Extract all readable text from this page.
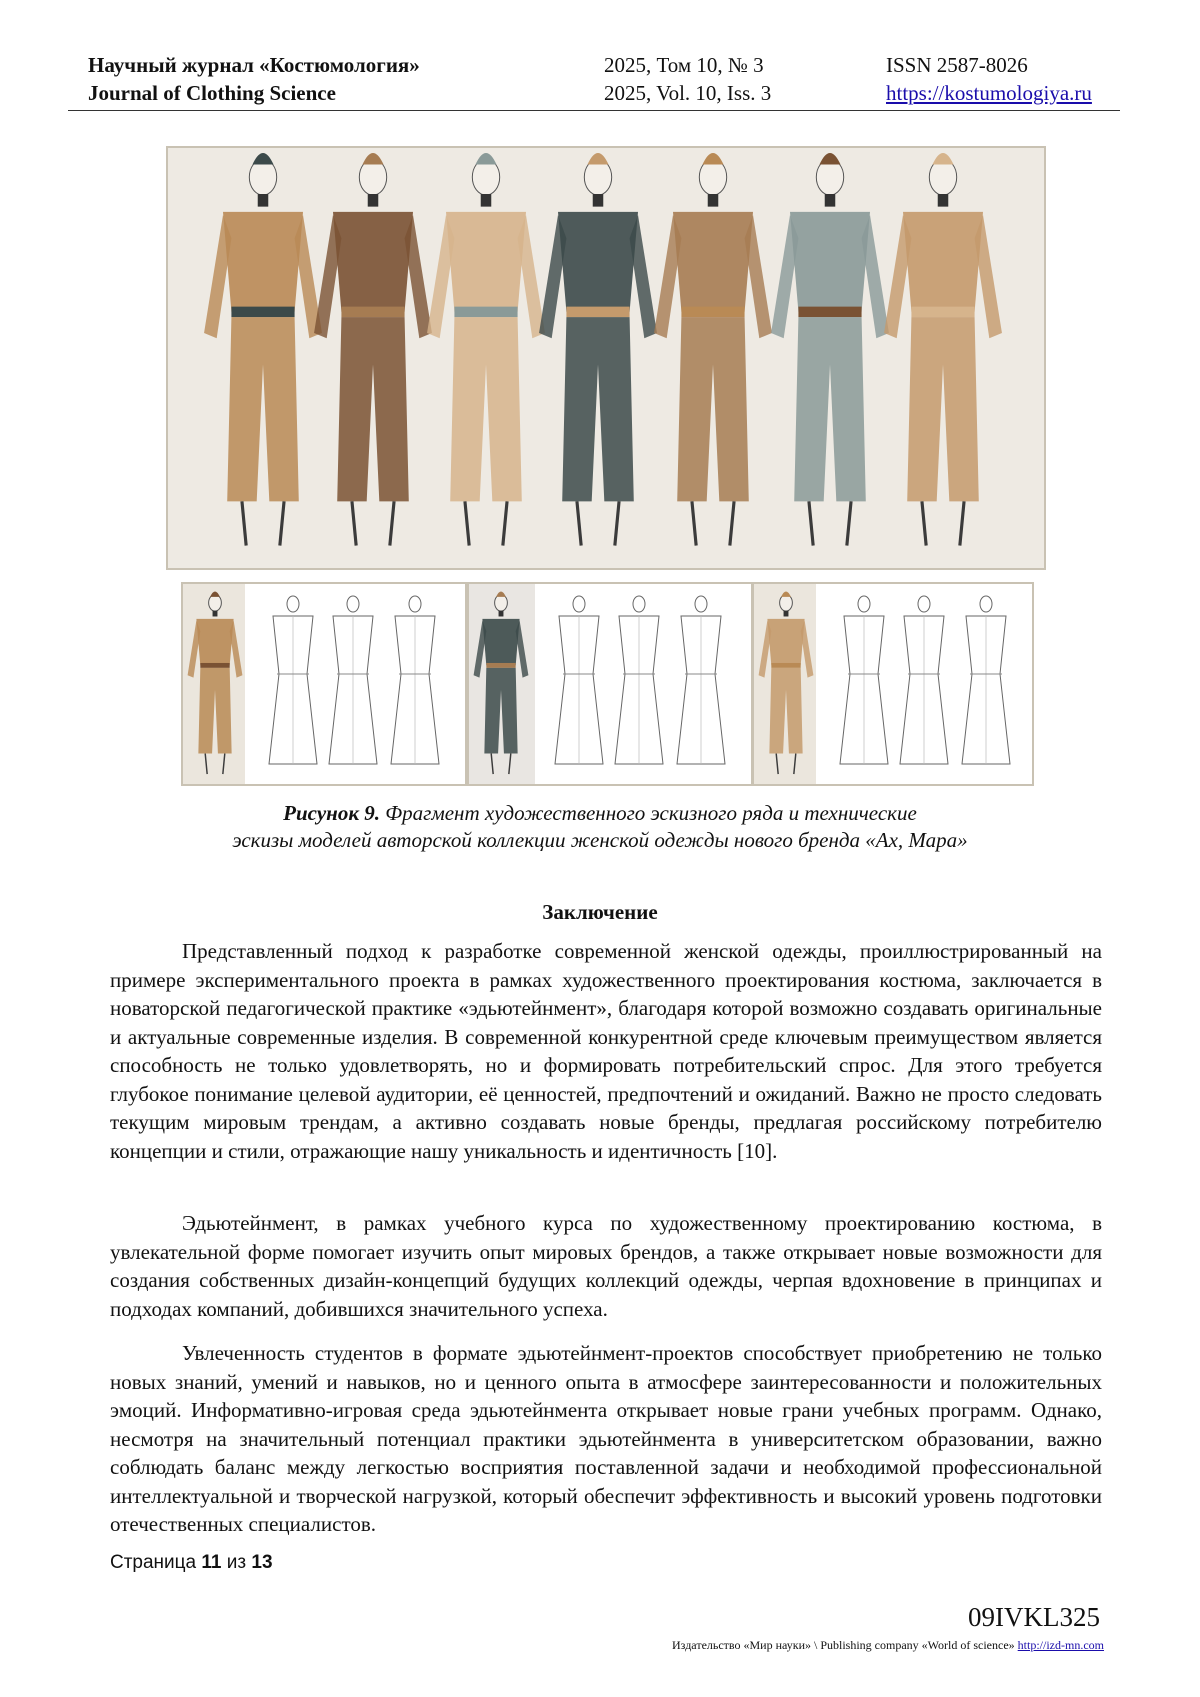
Научный журнал «Костюмология»
Journal of Clothing Science
2025, Том 10, № 3
2025, Vol. 10, Iss. 3
ISSN 2587-8026
https://kostumologiya.ru
Рисунок 9. Фрагмент художественного эскизного ряда и технические
эскизы моделей авторской коллекции женской одежды нового бренда «Ах, Мара»
Заключение

Представленный подход к разработке современной женской одежды, проиллюстрированный на примере экспериментального проекта в рамках художественного проектирования костюма, заключается в новаторской педагогической практике «эдьютейнмент», благодаря которой возможно создавать оригинальные и актуальные современные изделия. В современной конкурентной среде ключевым преимуществом является способность не только удовлетворять, но и формировать потребительский спрос. Для этого требуется глубокое понимание целевой аудитории, её ценностей, предпочтений и ожиданий. Важно не просто следовать текущим мировым трендам, а активно создавать новые бренды, предлагая российскому потребителю концепции и стили, отражающие нашу уникальность и идентичность [10].

Эдьютейнмент, в рамках учебного курса по художественному проектированию костюма, в увлекательной форме помогает изучить опыт мировых брендов, а также открывает новые возможности для создания собственных дизайн-концепций будущих коллекций одежды, черпая вдохновение в принципах и подходах компаний, добившихся значительного успеха.

Увлеченность студентов в формате эдьютейнмент-проектов способствует приобретению не только новых знаний, умений и навыков, но и ценного опыта в атмосфере заинтересованности и положительных эмоций. Информативно-игровая среда эдьютейнмента открывает новые грани учебных программ. Однако, несмотря на значительный потенциал практики эдьютейнмента в университетском образовании, важно соблюдать баланс между легкостью восприятия поставленной задачи и необходимой профессиональной интеллектуальной и творческой нагрузкой, который обеспечит эффективность и высокий уровень подготовки отечественных специалистов.

Страница 11 из 13
09IVKL325
Издательство «Мир науки» \ Publishing company «World of science» http://izd-mn.com
